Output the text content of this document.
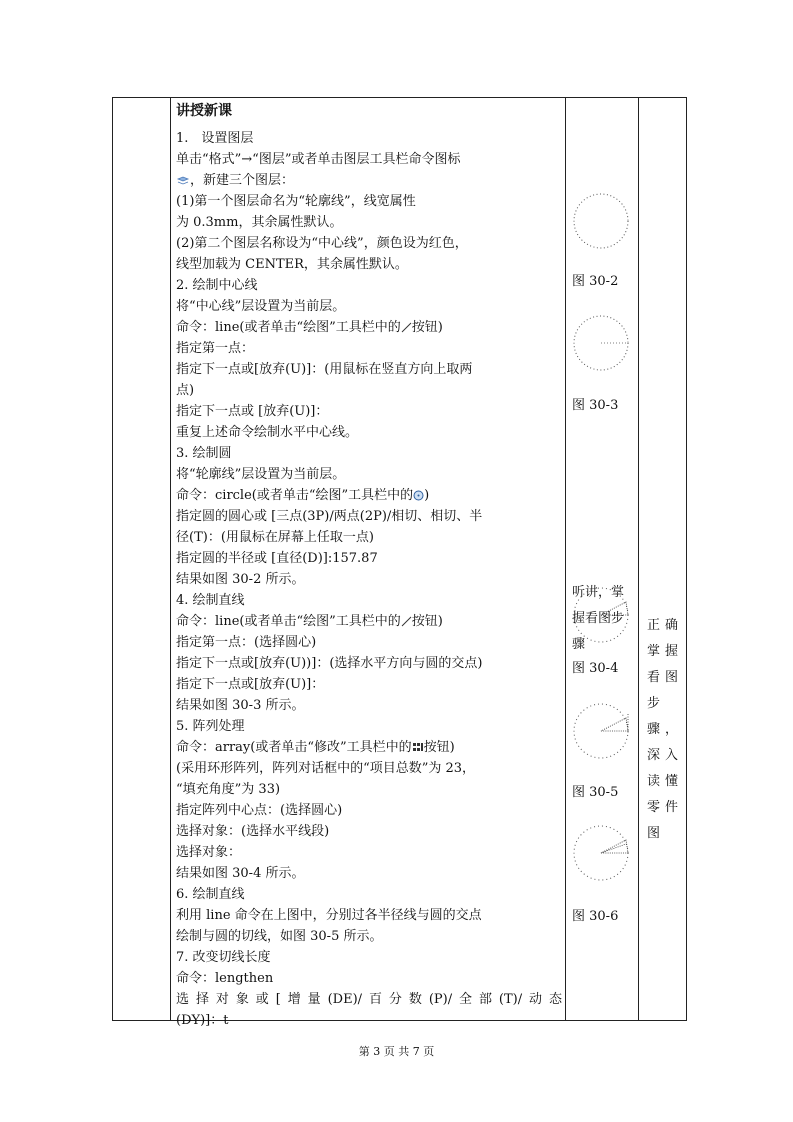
讲授新课
1.　设置图层
单击“格式”→“图层”或者单击图层工具栏命令图标
，新建三个图层：
(1)第一个图层命名为“轮廓线”，线宽属性
为 0.3mm，其余属性默认。
(2)第二个图层名称设为“中心线”，颜色设为红色，
线型加载为 CENTER，其余属性默认。
2. 绘制中心线
将“中心线”层设置为当前层。
命令：line(或者单击“绘图”工具栏中的 按钮)
指定第一点：
指定下一点或[放弃(U)]：(用鼠标在竖直方向上取两
点)
指定下一点或 [放弃(U)]：
重复上述命令绘制水平中心线。
3. 绘制圆
将“轮廓线”层设置为当前层。
命令：circle(或者单击“绘图”工具栏中的 )
指定圆的圆心或 [三点(3P)/两点(2P)/相切、相切、半
径(T)：(用鼠标在屏幕上任取一点)
指定圆的半径或 [直径(D)]:157.87
结果如图 30-2 所示。
4. 绘制直线
命令：line(或者单击“绘图”工具栏中的 按钮)
指定第一点：(选择圆心)
指定下一点或[放弃(U))]：(选择水平方向与圆的交点)
指定下一点或[放弃(U)]：
结果如图 30-3 所示。
5. 阵列处理
命令：array(或者单击“修改”工具栏中的 按钮)
(采用环形阵列，阵列对话框中的“项目总数”为 23，
“填充角度”为 33)
指定阵列中心点：(选择圆心)
选择对象：(选择水平线段)
选择对象：
结果如图 30-4 所示。
6. 绘制直线
利用 line 命令在上图中，分别过各半径线与圆的交点
绘制与圆的切线，如图 30-5 所示。
7. 改变切线长度
命令：lengthen
选择对象或[增量(DE)/百分数(P)/全部(T)/动态
(DY)]：t
图 30-2
图 30-3
听讲，掌握看图步骤
图 30-4
图 30-5
图 30-6
正确掌握看图步骤，深入读懂零件图
第 3 页 共 7 页
